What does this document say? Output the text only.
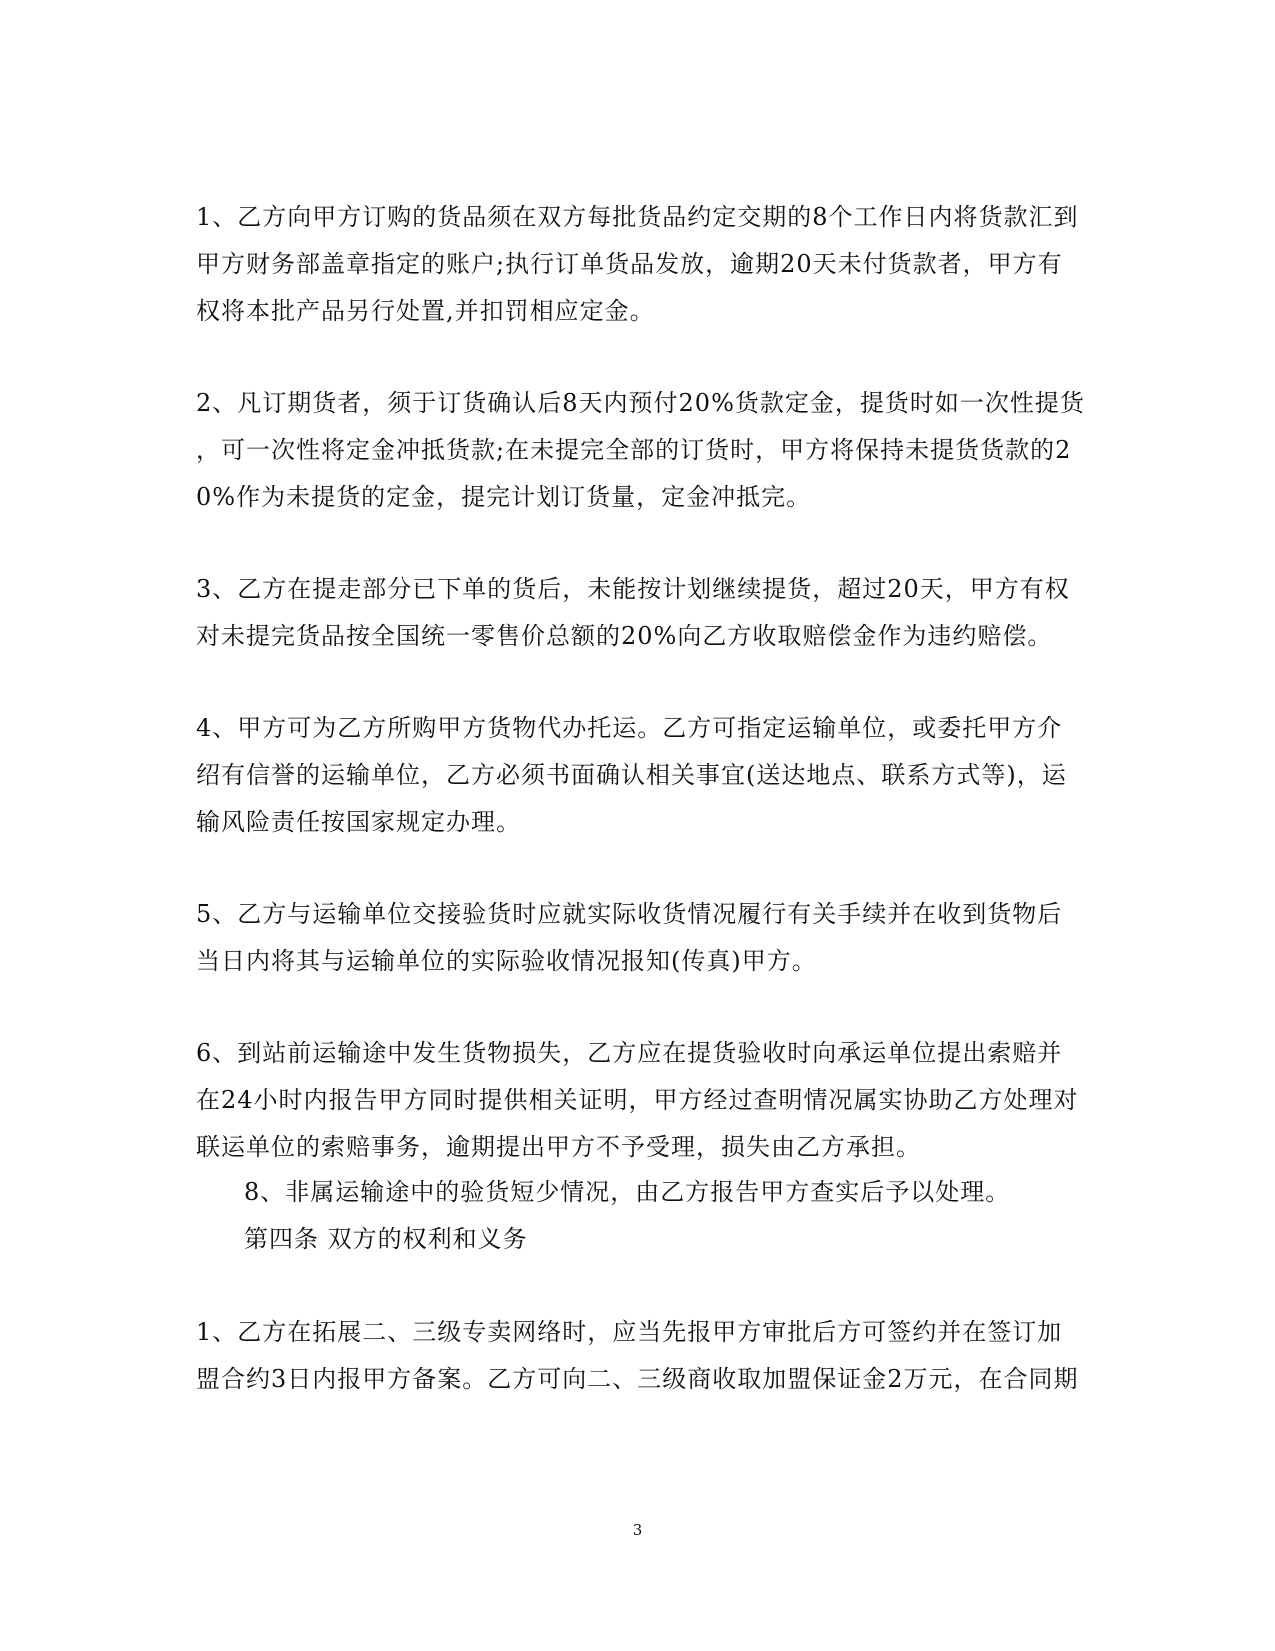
1、乙方向甲方订购的货品须在双方每批货品约定交期的8个工作日内将货款汇到
甲方财务部盖章指定的账户;执行订单货品发放，逾期20天未付货款者，甲方有
权将本批产品另行处置,并扣罚相应定金。
2、凡订期货者，须于订货确认后8天内预付20%货款定金，提货时如一次性提货
，可一次性将定金冲抵货款;在未提完全部的订货时，甲方将保持未提货货款的2
0%作为未提货的定金，提完计划订货量，定金冲抵完。
3、乙方在提走部分已下单的货后，未能按计划继续提货，超过20天，甲方有权
对未提完货品按全国统一零售价总额的20%向乙方收取赔偿金作为违约赔偿。
4、甲方可为乙方所购甲方货物代办托运。乙方可指定运输单位，或委托甲方介
绍有信誉的运输单位，乙方必须书面确认相关事宜(送达地点、联系方式等)，运
输风险责任按国家规定办理。
5、乙方与运输单位交接验货时应就实际收货情况履行有关手续并在收到货物后
当日内将其与运输单位的实际验收情况报知(传真)甲方。
6、到站前运输途中发生货物损失，乙方应在提货验收时向承运单位提出索赔并
在24小时内报告甲方同时提供相关证明，甲方经过查明情况属实协助乙方处理对
联运单位的索赔事务，逾期提出甲方不予受理，损失由乙方承担。
8、非属运输途中的验货短少情况，由乙方报告甲方查实后予以处理。
第四条 双方的权利和义务
1、乙方在拓展二、三级专卖网络时，应当先报甲方审批后方可签约并在签订加
盟合约3日内报甲方备案。乙方可向二、三级商收取加盟保证金2万元，在合同期
3
